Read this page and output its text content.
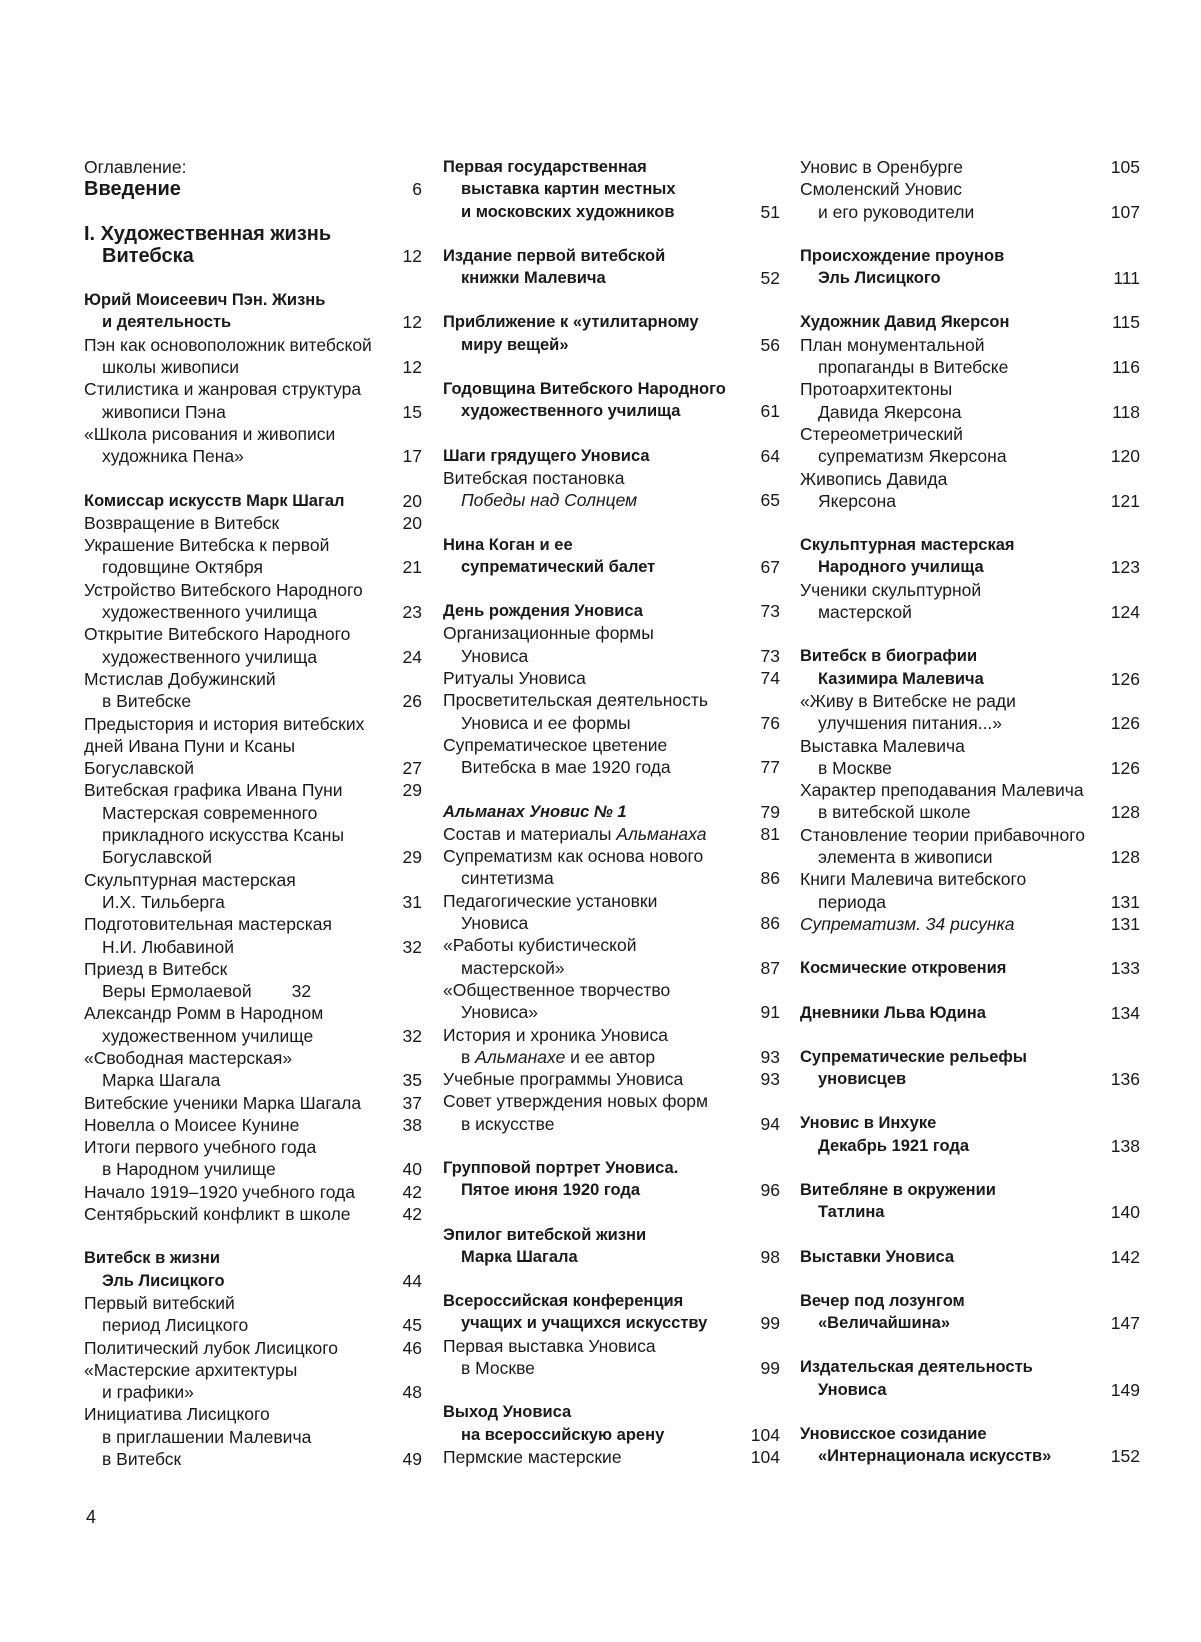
Оглавление:
Введение	6
I. Художественная жизнь
Витебска	12
Юрий Моисеевич Пэн. Жизнь
и деятельность	12
Пэн как основоположник витебской
школы живописи	12
Стилистика и жанровая структура
живописи Пэна	15
«Школа рисования и живописи
художника Пена»	17
Комиссар искусств Марк Шагал	20
Возвращение в Витебск	20
Украшение Витебска к первой
годовщине Октября	21
Устройство Витебского Народного
художественного училища	23
Открытие Витебского Народного
художественного училища	24
Мстислав Добужинский
в Витебске	26
Предыстория и история витебских
дней Ивана Пуни и Ксаны
Богуславской	27
Витебская графика Ивана Пуни	29
Мастерская современного
прикладного искусства Ксаны
Богуславской	29
Скульптурная мастерская
И.Х. Тильберга	31
Подготовительная мастерская
Н.И. Любавиной	32
Приезд в Витебск
Веры Ермолаевой 32
Александр Ромм в Народном
художественном училище	32
«Свободная мастерская»
Марка Шагала	35
Витебские ученики Марка Шагала	37
Новелла о Моисее Кунине	38
Итоги первого учебного года
в Народном училище	40
Начало 1919–1920 учебного года	42
Сентябрьский конфликт в школе	42
Витебск в жизни
Эль Лисицкого	44
Первый витебский
период Лисицкого	45
Политический лубок Лисицкого	46
«Мастерские архитектуры
и графики»	48
Инициатива Лисицкого
в приглашении Малевича
в Витебск	49
Первая государственная
выставка картин местных
и московских художников	51
Издание первой витебской
книжки Малевича	52
Приближение к «утилитарному
миру вещей»	56
Годовщина Витебского Народного
художественного училища	61
Шаги грядущего Уновиса	64
Витебская постановка
Победы над Солнцем	65
Нина Коган и ее
супрематический балет	67
День рождения Уновиса	73
Организационные формы
Уновиса	73
Ритуалы Уновиса	74
Просветительская деятельность
Уновиса и ее формы	76
Супрематическое цветение
Витебска в мае 1920 года	77
Альманах Уновис № 1	79
Состав и материалы Альманаха	81
Супрематизм как основа нового
синтетизма	86
Педагогические установки
Уновиса	86
«Работы кубистической
мастерской»	87
«Общественное творчество
Уновиса»	91
История и хроника Уновиса
в Альманахе и ее автор	93
Учебные программы Уновиса	93
Совет утверждения новых форм
в искусстве	94
Групповой портрет Уновиса.
Пятое июня 1920 года	96
Эпилог витебской жизни
Марка Шагала	98
Всероссийская конференция
учащих и учащихся искусству	99
Первая выставка Уновиса
в Москве	99
Выход Уновиса
на всероссийскую арену	104
Пермские мастерские	104
Уновис в Оренбурге	105
Смоленский Уновис
и его руководители	107
Происхождение проунов
Эль Лисицкого	111
Художник Давид Якерсон	115
План монументальной
пропаганды в Витебске	116
Протоархитектоны
Давида Якерсона	118
Стереометрический
супрематизм Якерсона	120
Живопись Давида
Якерсона	121
Скульптурная мастерская
Народного училища	123
Ученики скульптурной
мастерской	124
Витебск в биографии
Казимира Малевича	126
«Живу в Витебске не ради
улучшения питания...»	126
Выставка Малевича
в Москве	126
Характер преподавания Малевича
в витебской школе	128
Становление теории прибавочного
элемента в живописи	128
Книги Малевича витебского
периода	131
Супрематизм. 34 рисунка	131
Космические откровения	133
Дневники Льва Юдина	134
Супрематические рельефы
уновисцев	136
Уновис в Инхуке
Декабрь 1921 года	138
Витебляне в окружении
Татлина	140
Выставки Уновиса	142
Вечер под лозунгом
«Величайшина»	147
Издательская деятельность
Уновиса	149
Уновисское созидание
«Интернационала искусств»	152
4
